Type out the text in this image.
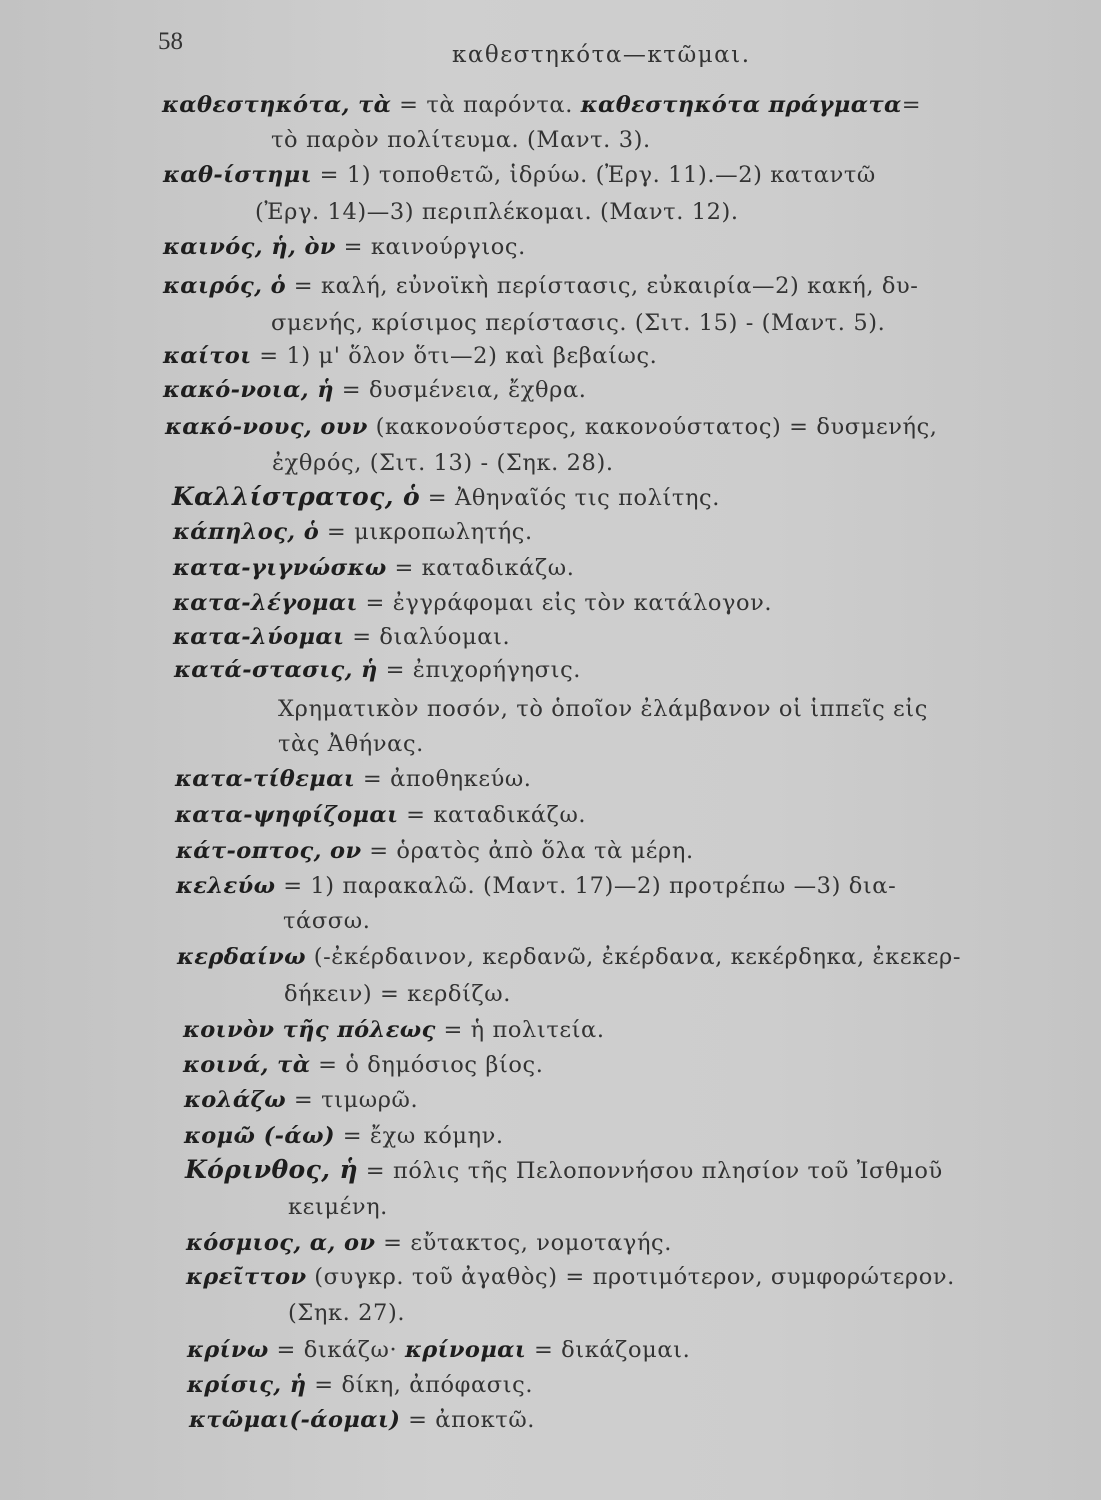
58	καθεστηκότα—κτῶμαι.
καθεστηκότα, τὰ = τὰ παρόντα. καθεστηκότα πράγματα=
τὸ παρὸν πολίτευμα. (Μαντ. 3).
καθ-ίστημι = 1) τοποθετῶ, ἱδρύω. (Ἐργ. 11).—2) καταντῶ
(Ἐργ. 14)—3) περιπλέκομαι. (Μαντ. 12).
καινός, ἡ, ὸν = καινούργιος.
καιρός, ὁ = καλή, εὐνοϊκὴ περίστασις, εὐκαιρία—2) κακή, δυ-
σμενής, κρίσιμος περίστασις. (Σιτ. 15) - (Μαντ. 5).
καίτοι = 1) μ' ὅλον ὅτι—2) καὶ βεβαίως.
κακό-νοια, ἡ = δυσμένεια, ἔχθρα.
κακό-νους, ουν (κακονούστερος, κακονούστατος) = δυσμενής,
ἐχθρός, (Σιτ. 13) - (Σηκ. 28).
Καλλίστρατος, ὁ = Ἀθηναῖός τις πολίτης.
κάπηλος, ὁ = μικροπωλητής.
κατα-γιγνώσκω = καταδικάζω.
κατα-λέγομαι = ἐγγράφομαι εἰς τὸν κατάλογον.
κατα-λύομαι = διαλύομαι.
κατά-στασις, ἡ = ἐπιχορήγησις.
Χρηματικὸν ποσόν, τὸ ὁποῖον ἐλάμβανον οἱ ἱππεῖς εἰς
τὰς Ἀθήνας.
κατα-τίθεμαι = ἀποθηκεύω.
κατα-ψηφίζομαι = καταδικάζω.
κάτ-οπτος, ον = ὁρατὸς ἀπὸ ὅλα τὰ μέρη.
κελεύω = 1) παρακαλῶ. (Μαντ. 17)—2) προτρέπω —3) δια-
τάσσω.
κερδαίνω (-ἐκέρδαινον, κερδανῶ, ἐκέρδανα, κεκέρδηκα, ἐκεκερ-
δήκειν) = κερδίζω.
κοινὸν τῆς πόλεως = ἡ πολιτεία.
κοινά, τὰ = ὁ δημόσιος βίος.
κολάζω = τιμωρῶ.
κομῶ (-άω) = ἔχω κόμην.
Κόρινθος, ἡ = πόλις τῆς Πελοποννήσου πλησίον τοῦ Ἰσθμοῦ
κειμένη.
κόσμιος, α, ον = εὔτακτος, νομοταγής.
κρεῖττον (συγκρ. τοῦ ἀγαθὸς) = προτιμότερον, συμφορώτερον.
(Σηκ. 27).
κρίνω = δικάζω· κρίνομαι = δικάζομαι.
κρίσις, ἡ = δίκη, ἀπόφασις.
κτῶμαι(-άομαι) = ἀποκτῶ.
